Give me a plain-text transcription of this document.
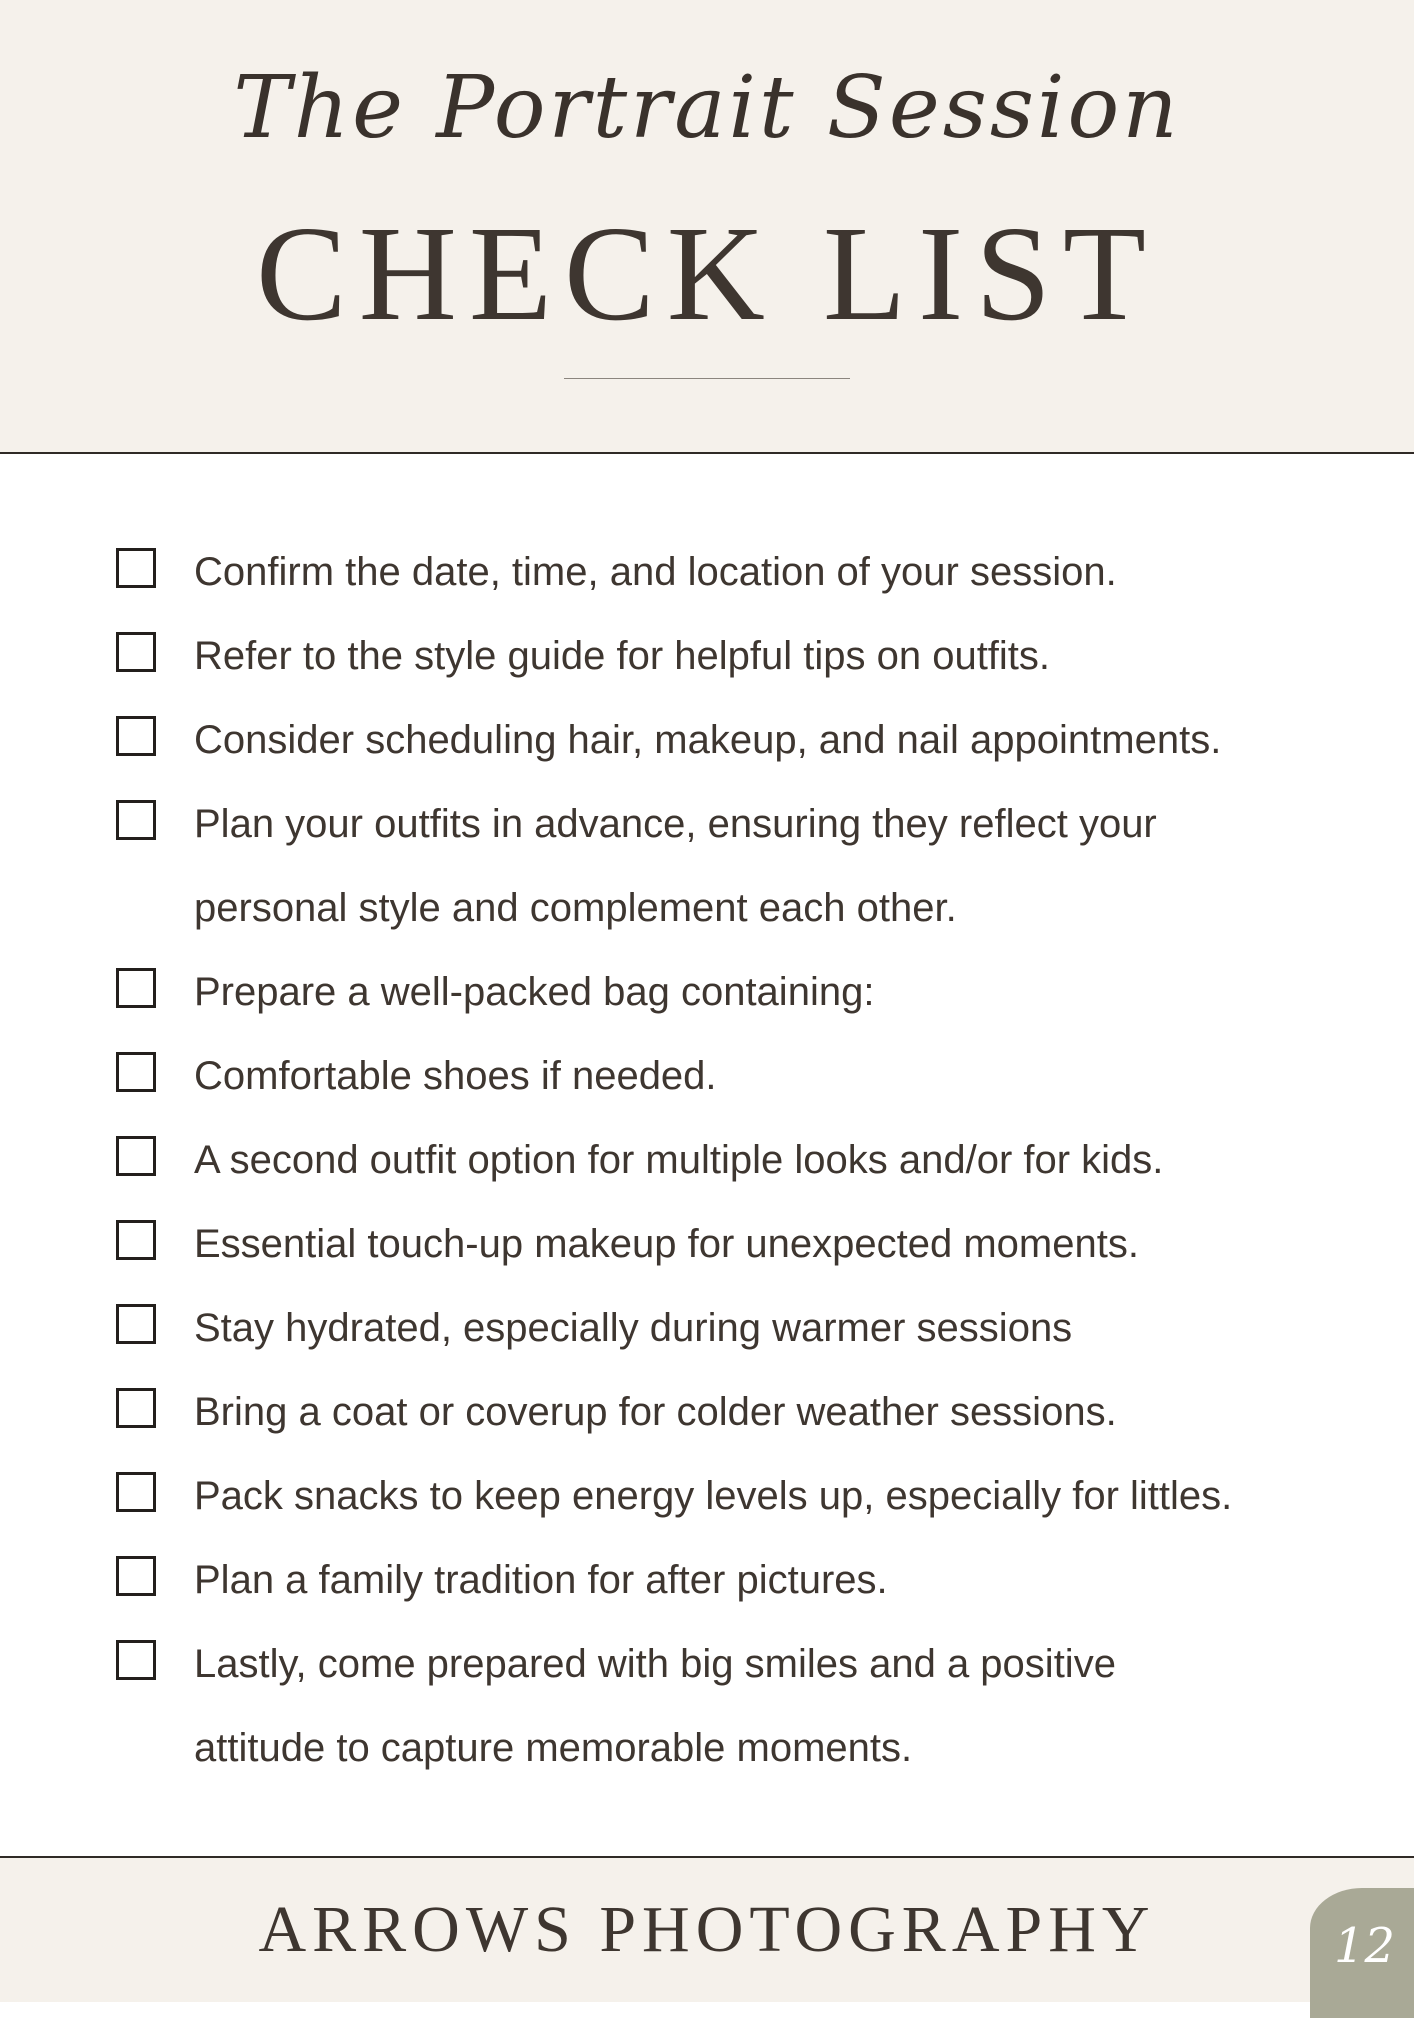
The Portrait Session
CHECK LIST
Confirm the date, time, and location of your session.
Refer to the style guide for helpful tips on outfits.
Consider scheduling hair, makeup, and nail appointments.
Plan your outfits in advance, ensuring they reflect your personal style and complement each other.
Prepare a well-packed bag containing:
Comfortable shoes if needed.
A second outfit option for multiple looks and/or for kids.
Essential touch-up makeup for unexpected moments.
Stay hydrated, especially during warmer sessions
Bring a coat or coverup for colder weather sessions.
Pack snacks to keep energy levels up, especially for littles.
Plan a family tradition for after pictures.
Lastly, come prepared with big smiles and a positive attitude to capture memorable moments.
ARROWS PHOTOGRAPHY	12
